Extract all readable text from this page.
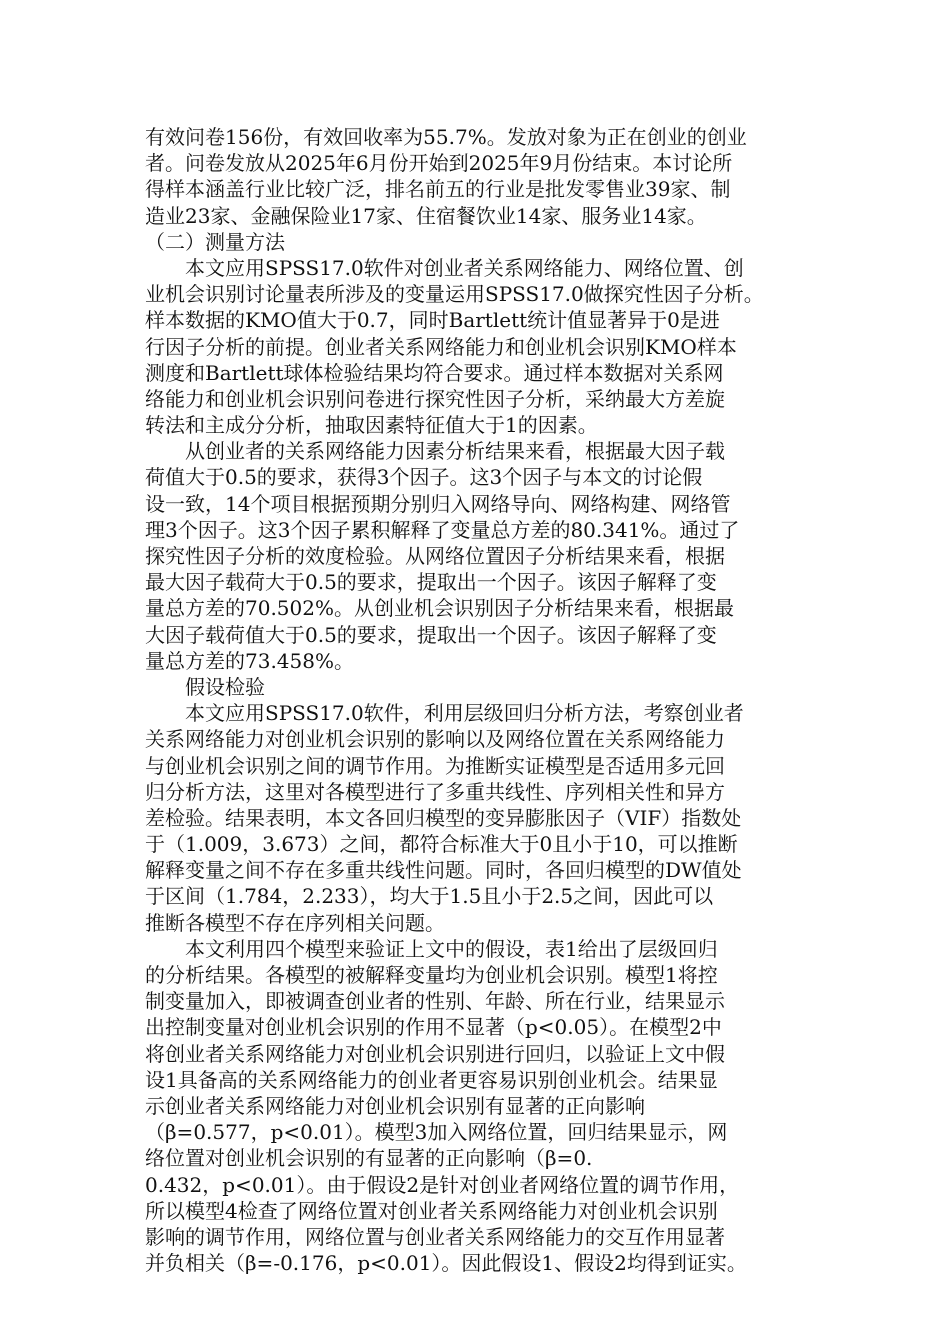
有效问卷156份，有效回收率为55.7%。发放对象为正在创业的创业
者。问卷发放从2025年6月份开始到2025年9月份结束。本讨论所
得样本涵盖行业比较广泛，排名前五的行业是批发零售业39家、制
造业23家、金融保险业17家、住宿餐饮业14家、服务业14家。
（二）测量方法
本文应用SPSS17.0软件对创业者关系网络能力、网络位置、创
业机会识别讨论量表所涉及的变量运用SPSS17.0做探究性因子分析。
样本数据的KMO值大于0.7，同时Bartlett统计值显著异于0是进
行因子分析的前提。创业者关系网络能力和创业机会识别KMO样本
测度和Bartlett球体检验结果均符合要求。通过样本数据对关系网
络能力和创业机会识别问卷进行探究性因子分析，采纳最大方差旋
转法和主成分分析，抽取因素特征值大于1的因素。
从创业者的关系网络能力因素分析结果来看，根据最大因子载
荷值大于0.5的要求，获得3个因子。这3个因子与本文的讨论假
设一致，14个项目根据预期分别归入网络导向、网络构建、网络管
理3个因子。这3个因子累积解释了变量总方差的80.341%。通过了
探究性因子分析的效度检验。从网络位置因子分析结果来看，根据
最大因子载荷大于0.5的要求，提取出一个因子。该因子解释了变
量总方差的70.502%。从创业机会识别因子分析结果来看，根据最
大因子载荷值大于0.5的要求，提取出一个因子。该因子解释了变
量总方差的73.458%。
假设检验
本文应用SPSS17.0软件，利用层级回归分析方法，考察创业者
关系网络能力对创业机会识别的影响以及网络位置在关系网络能力
与创业机会识别之间的调节作用。为推断实证模型是否适用多元回
归分析方法，这里对各模型进行了多重共线性、序列相关性和异方
差检验。结果表明，本文各回归模型的变异膨胀因子（VIF）指数处
于（1.009，3.673）之间，都符合标准大于0且小于10，可以推断
解释变量之间不存在多重共线性问题。同时，各回归模型的DW值处
于区间（1.784，2.233），均大于1.5且小于2.5之间，因此可以
推断各模型不存在序列相关问题。
本文利用四个模型来验证上文中的假设，表1给出了层级回归
的分析结果。各模型的被解释变量均为创业机会识别。模型1将控
制变量加入，即被调查创业者的性别、年龄、所在行业，结果显示
出控制变量对创业机会识别的作用不显著（p<0.05）。在模型2中
将创业者关系网络能力对创业机会识别进行回归，以验证上文中假
设1具备高的关系网络能力的创业者更容易识别创业机会。结果显
示创业者关系网络能力对创业机会识别有显著的正向影响
（β=0.577，p<0.01）。模型3加入网络位置，回归结果显示，网
络位置对创业机会识别的有显著的正向影响（β=0.
0.432，p<0.01）。由于假设2是针对创业者网络位置的调节作用，
所以模型4检查了网络位置对创业者关系网络能力对创业机会识别
影响的调节作用，网络位置与创业者关系网络能力的交互作用显著
并负相关（β=-0.176，p<0.01）。因此假设1、假设2均得到证实。
